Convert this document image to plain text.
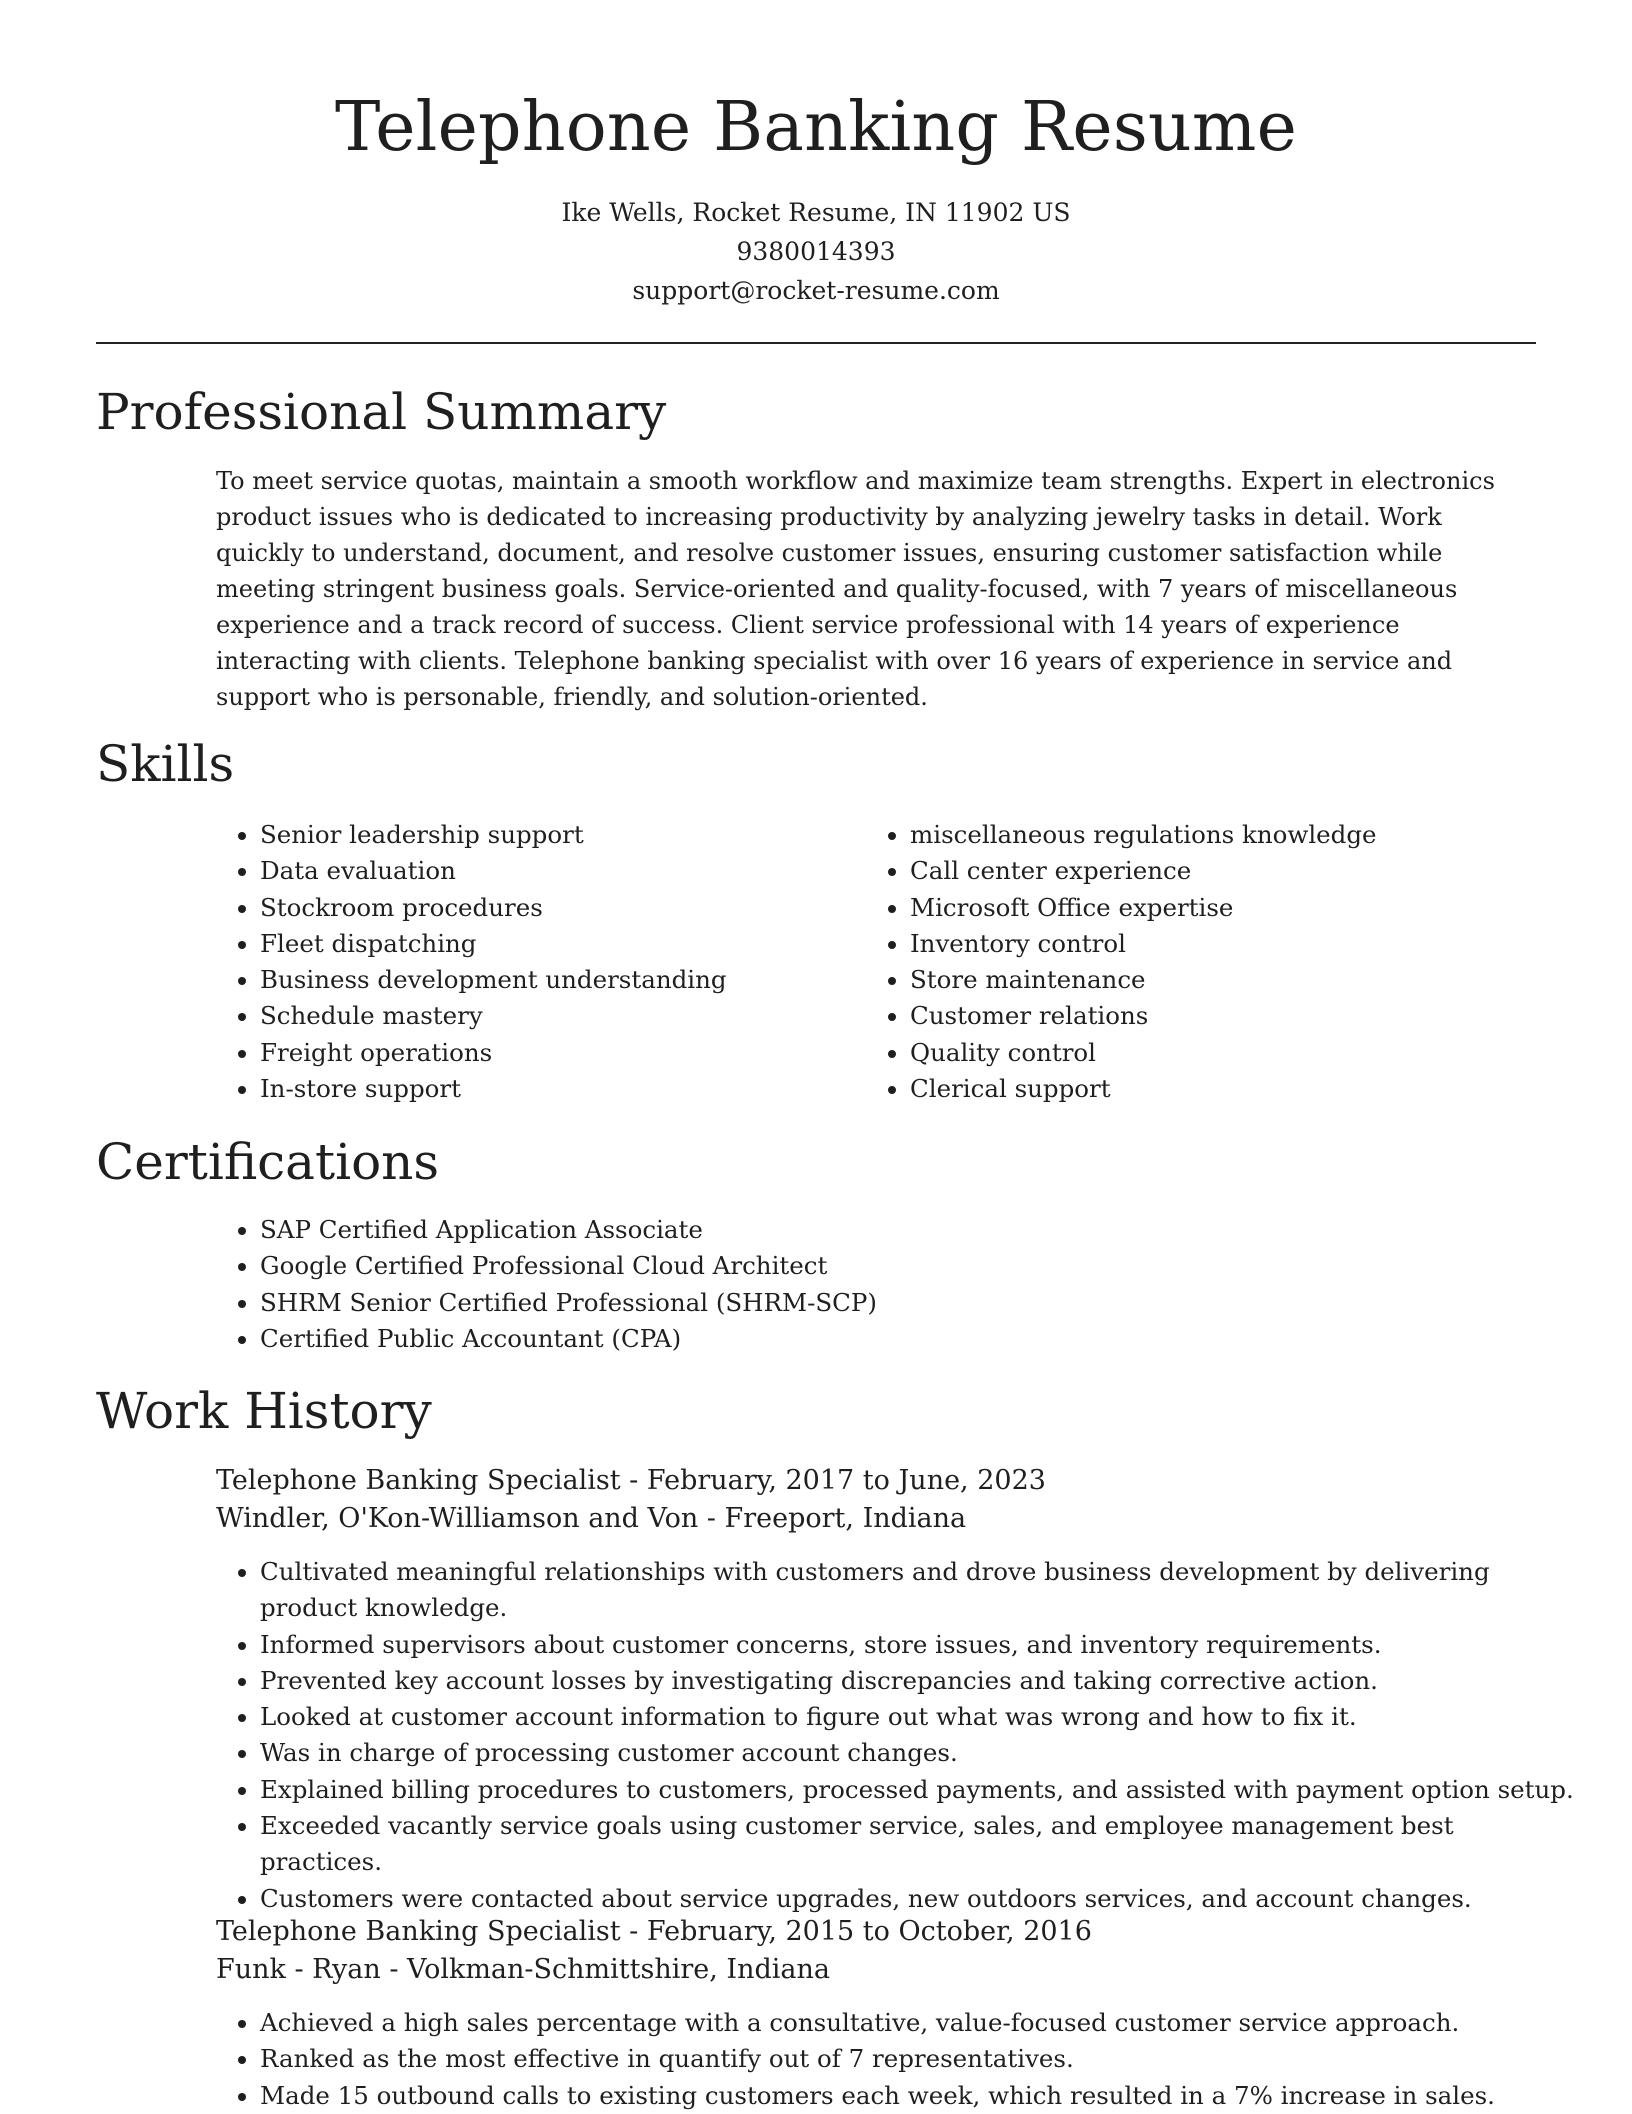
Telephone Banking Resume
Ike Wells, Rocket Resume, IN 11902 US
9380014393
support@rocket-resume.com
Professional Summary

To meet service quotas, maintain a smooth workflow and maximize team strengths. Expert in electronics product issues who is dedicated to increasing productivity by analyzing jewelry tasks in detail. Work quickly to understand, document, and resolve customer issues, ensuring customer satisfaction while meeting stringent business goals. Service-oriented and quality-focused, with 7 years of miscellaneous experience and a track record of success. Client service professional with 14 years of experience interacting with clients. Telephone banking specialist with over 16 years of experience in service and support who is personable, friendly, and solution-oriented.

Skills
• Senior leadership support
• Data evaluation
• Stockroom procedures
• Fleet dispatching
• Business development understanding
• Schedule mastery
• Freight operations
• In-store support
• miscellaneous regulations knowledge
• Call center experience
• Microsoft Office expertise
• Inventory control
• Store maintenance
• Customer relations
• Quality control
• Clerical support
Certifications
• SAP Certified Application Associate
• Google Certified Professional Cloud Architect
• SHRM Senior Certified Professional (SHRM-SCP)
• Certified Public Accountant (CPA)
Work History
Telephone Banking Specialist - February, 2017 to June, 2023
Windler, O'Kon-Williamson and Von - Freeport, Indiana
• Cultivated meaningful relationships with customers and drove business development by delivering product knowledge.
• Informed supervisors about customer concerns, store issues, and inventory requirements.
• Prevented key account losses by investigating discrepancies and taking corrective action.
• Looked at customer account information to figure out what was wrong and how to fix it.
• Was in charge of processing customer account changes.
• Explained billing procedures to customers, processed payments, and assisted with payment option setup.
• Exceeded vacantly service goals using customer service, sales, and employee management best practices.
• Customers were contacted about service upgrades, new outdoors services, and account changes.
Telephone Banking Specialist - February, 2015 to October, 2016
Funk - Ryan - Volkman-Schmittshire, Indiana
• Achieved a high sales percentage with a consultative, value-focused customer service approach.
• Ranked as the most effective in quantify out of 7 representatives.
• Made 15 outbound calls to existing customers each week, which resulted in a 7% increase in sales.
